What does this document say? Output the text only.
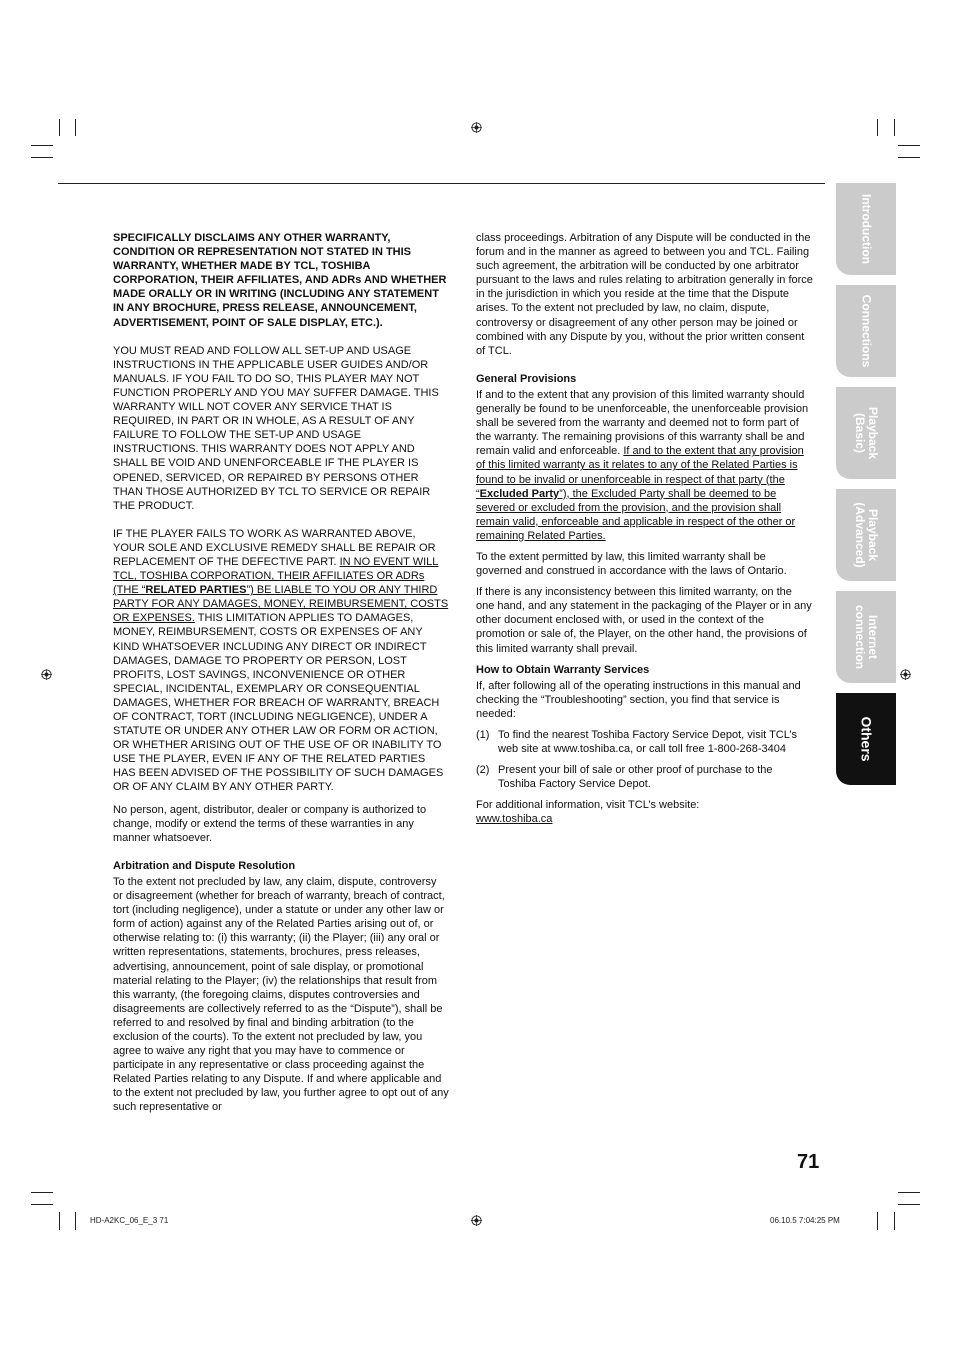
SPECIFICALLY DISCLAIMS ANY OTHER WARRANTY, CONDITION OR REPRESENTATION NOT STATED IN THIS WARRANTY, WHETHER MADE BY TCL, TOSHIBA CORPORATION, THEIR AFFILIATES, AND ADRs AND WHETHER MADE ORALLY OR IN WRITING (INCLUDING ANY STATEMENT IN ANY BROCHURE, PRESS RELEASE, ANNOUNCEMENT, ADVERTISEMENT, POINT OF SALE DISPLAY, ETC.).

YOU MUST READ AND FOLLOW ALL SET-UP AND USAGE INSTRUCTIONS IN THE APPLICABLE USER GUIDES AND/OR MANUALS. IF YOU FAIL TO DO SO, THIS PLAYER MAY NOT FUNCTION PROPERLY AND YOU MAY SUFFER DAMAGE. THIS WARRANTY WILL NOT COVER ANY SERVICE THAT IS REQUIRED, IN PART OR IN WHOLE, AS A RESULT OF ANY FAILURE TO FOLLOW THE SET-UP AND USAGE INSTRUCTIONS. THIS WARRANTY DOES NOT APPLY AND SHALL BE VOID AND UNENFORCEABLE IF THE PLAYER IS OPENED, SERVICED, OR REPAIRED BY PERSONS OTHER THAN THOSE AUTHORIZED BY TCL TO SERVICE OR REPAIR THE PRODUCT.

IF THE PLAYER FAILS TO WORK AS WARRANTED ABOVE, YOUR SOLE AND EXCLUSIVE REMEDY SHALL BE REPAIR OR REPLACEMENT OF THE DEFECTIVE PART. IN NO EVENT WILL TCL, TOSHIBA CORPORATION, THEIR AFFILIATES OR ADRs (THE “RELATED PARTIES”) BE LIABLE TO YOU OR ANY THIRD PARTY FOR ANY DAMAGES, MONEY, REIMBURSEMENT, COSTS OR EXPENSES. THIS LIMITATION APPLIES TO DAMAGES, MONEY, REIMBURSEMENT, COSTS OR EXPENSES OF ANY KIND WHATSOEVER INCLUDING ANY DIRECT OR INDIRECT DAMAGES, DAMAGE TO PROPERTY OR PERSON, LOST PROFITS, LOST SAVINGS, INCONVENIENCE OR OTHER SPECIAL, INCIDENTAL, EXEMPLARY OR CONSEQUENTIAL DAMAGES, WHETHER FOR BREACH OF WARRANTY, BREACH OF CONTRACT, TORT (INCLUDING NEGLIGENCE), UNDER A STATUTE OR UNDER ANY OTHER LAW OR FORM OR ACTION, OR WHETHER ARISING OUT OF THE USE OF OR INABILITY TO USE THE PLAYER, EVEN IF ANY OF THE RELATED PARTIES HAS BEEN ADVISED OF THE POSSIBILITY OF SUCH DAMAGES OR OF ANY CLAIM BY ANY OTHER PARTY.

No person, agent, distributor, dealer or company is authorized to change, modify or extend the terms of these warranties in any manner whatsoever.

Arbitration and Dispute Resolution

To the extent not precluded by law, any claim, dispute, controversy or disagreement (whether for breach of warranty, breach of contract, tort (including negligence), under a statute or under any other law or form of action) against any of the Related Parties arising out of, or otherwise relating to: (i) this warranty; (ii) the Player; (iii) any oral or written representations, statements, brochures, press releases, advertising, announcement, point of sale display, or promotional material relating to the Player; (iv) the relationships that result from this warranty, (the foregoing claims, disputes controversies and disagreements are collectively referred to as the “Dispute”), shall be referred to and resolved by final and binding arbitration (to the exclusion of the courts). To the extent not precluded by law, you agree to waive any right that you may have to commence or participate in any representative or class proceeding against the Related Parties relating to any Dispute. If and where applicable and to the extent not precluded by law, you further agree to opt out of any such representative or

class proceedings. Arbitration of any Dispute will be conducted in the forum and in the manner as agreed to between you and TCL. Failing such agreement, the arbitration will be conducted by one arbitrator pursuant to the laws and rules relating to arbitration generally in force in the jurisdiction in which you reside at the time that the Dispute arises. To the extent not precluded by law, no claim, dispute, controversy or disagreement of any other person may be joined or combined with any Dispute by you, without the prior written consent of TCL.

General Provisions

If and to the extent that any provision of this limited warranty should generally be found to be unenforceable, the unenforceable provision shall be severed from the warranty and deemed not to form part of the warranty. The remaining provisions of this warranty shall be and remain valid and enforceable. If and to the extent that any provision of this limited warranty as it relates to any of the Related Parties is found to be invalid or unenforceable in respect of that party (the “Excluded Party”), the Excluded Party shall be deemed to be severed or excluded from the provision, and the provision shall remain valid, enforceable and applicable in respect of the other or remaining Related Parties.

To the extent permitted by law, this limited warranty shall be governed and construed in accordance with the laws of Ontario.

If there is any inconsistency between this limited warranty, on the one hand, and any statement in the packaging of the Player or in any other document enclosed with, or used in the context of the promotion or sale of, the Player, on the other hand, the provisions of this limited warranty shall prevail.

How to Obtain Warranty Services

If, after following all of the operating instructions in this manual and checking the “Troubleshooting” section, you find that service is needed:

(1) To find the nearest Toshiba Factory Service Depot, visit TCL’s web site at www.toshiba.ca, or call toll free 1-800-268-3404
(2) Present your bill of sale or other proof of purchase to the Toshiba Factory Service Depot.

For additional information, visit TCL’s website:

www.toshiba.ca

Introduction
Connections
Playback
(Basic)
Playback
(Advanced)
Internet
connection
Others
71
HD-A2KC_06_E_3 71	06.10.5 7:04:25 PM
